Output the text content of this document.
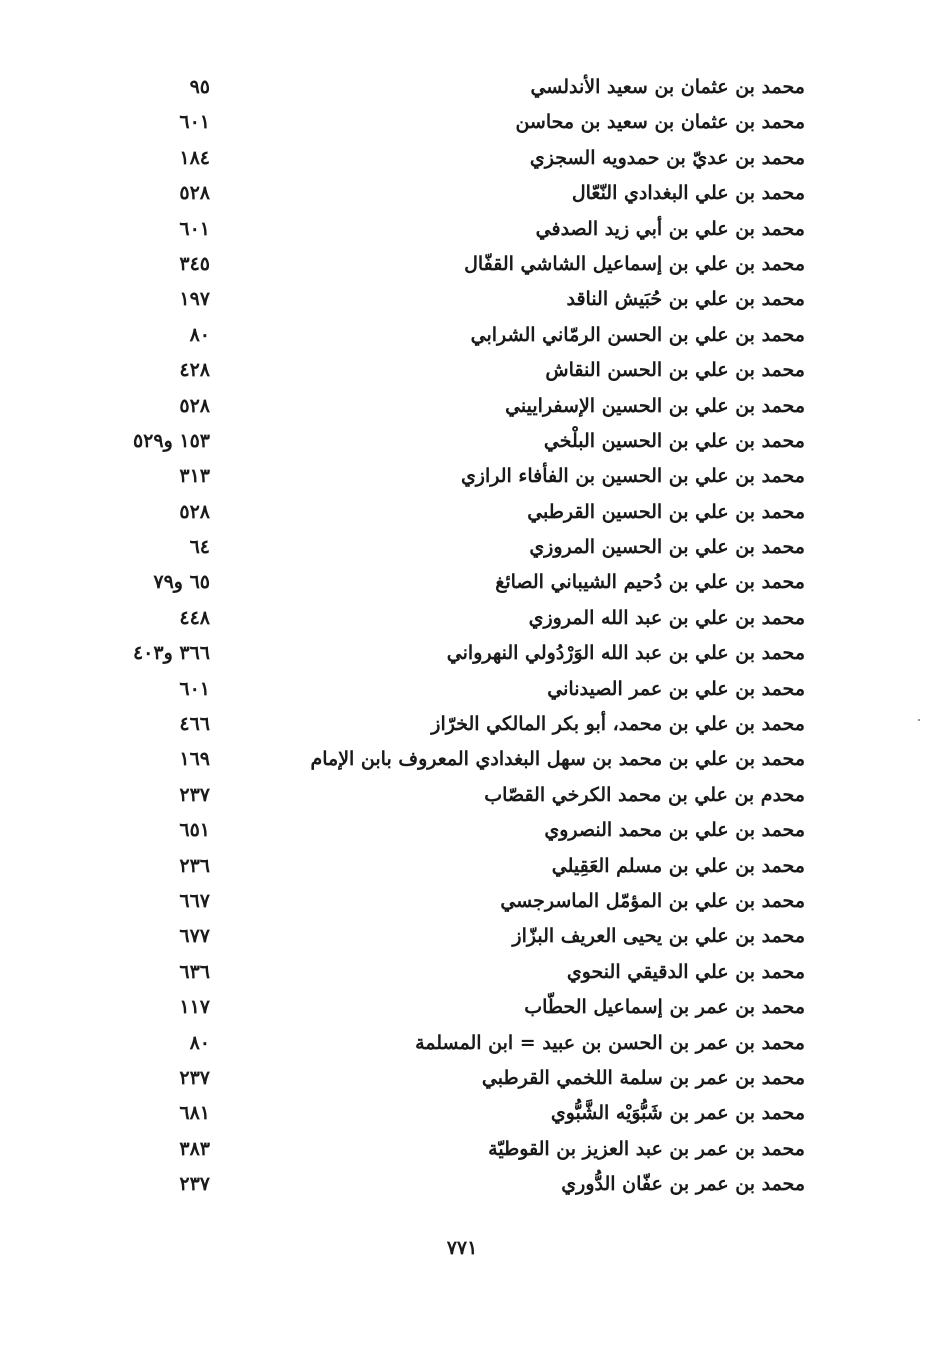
محمد بن عثمان بن سعيد الأندلسي
٩٥
محمد بن عثمان بن سعيد بن محاسن
٦٠١
محمد بن عديّ بن حمدويه السجزي
١٨٤
محمد بن علي البغدادي النّعّال
٥٢٨
محمد بن علي بن أبي زيد الصدفي
٦٠١
محمد بن علي بن إسماعيل الشاشي القفّال
٣٤٥
محمد بن علي بن حُبَيش الناقد
١٩٧
محمد بن علي بن الحسن الرمّاني الشرابي
٨٠
محمد بن علي بن الحسن النقاش
٤٢٨
محمد بن علي بن الحسين الإسفراييني
٥٢٨
محمد بن علي بن الحسين البلْخي
١٥٣ و٥٢٩
محمد بن علي بن الحسين بن الفأفاء الرازي
٣١٣
محمد بن علي بن الحسين القرطبي
٥٢٨
محمد بن علي بن الحسين المروزي
٦٤
محمد بن علي بن دُحيم الشيباني الصائغ
٦٥ و٧٩
محمد بن علي بن عبد الله المروزي
٤٤٨
محمد بن علي بن عبد الله الوَرْدُولي النهرواني
٣٦٦ و٤٠٣
محمد بن علي بن عمر الصيدناني
٦٠١
محمد بن علي بن محمد، أبو بكر المالكي الخرّاز
٤٦٦
محمد بن علي بن محمد بن سهل البغدادي المعروف بابن الإمام
١٦٩
محدم بن علي بن محمد الكرخي القصّاب
٢٣٧
محمد بن علي بن محمد النصروي
٦٥١
محمد بن علي بن مسلم العَقِيلي
٢٣٦
محمد بن علي بن المؤمّل الماسرجسي
٦٦٧
محمد بن علي بن يحيى العريف البزّاز
٦٧٧
محمد بن علي الدقيقي النحوي
٦٣٦
محمد بن عمر بن إسماعيل الحطّاب
١١٧
محمد بن عمر بن الحسن بن عبيد = ابن المسلمة
٨٠
محمد بن عمر بن سلمة اللخمي القرطبي
٢٣٧
محمد بن عمر بن شَبُّوَيْه الشَّبُّوي
٦٨١
محمد بن عمر بن عبد العزيز بن القوطيّة
٣٨٣
محمد بن عمر بن عفّان الدُّوري
٢٣٧
٧٧١
